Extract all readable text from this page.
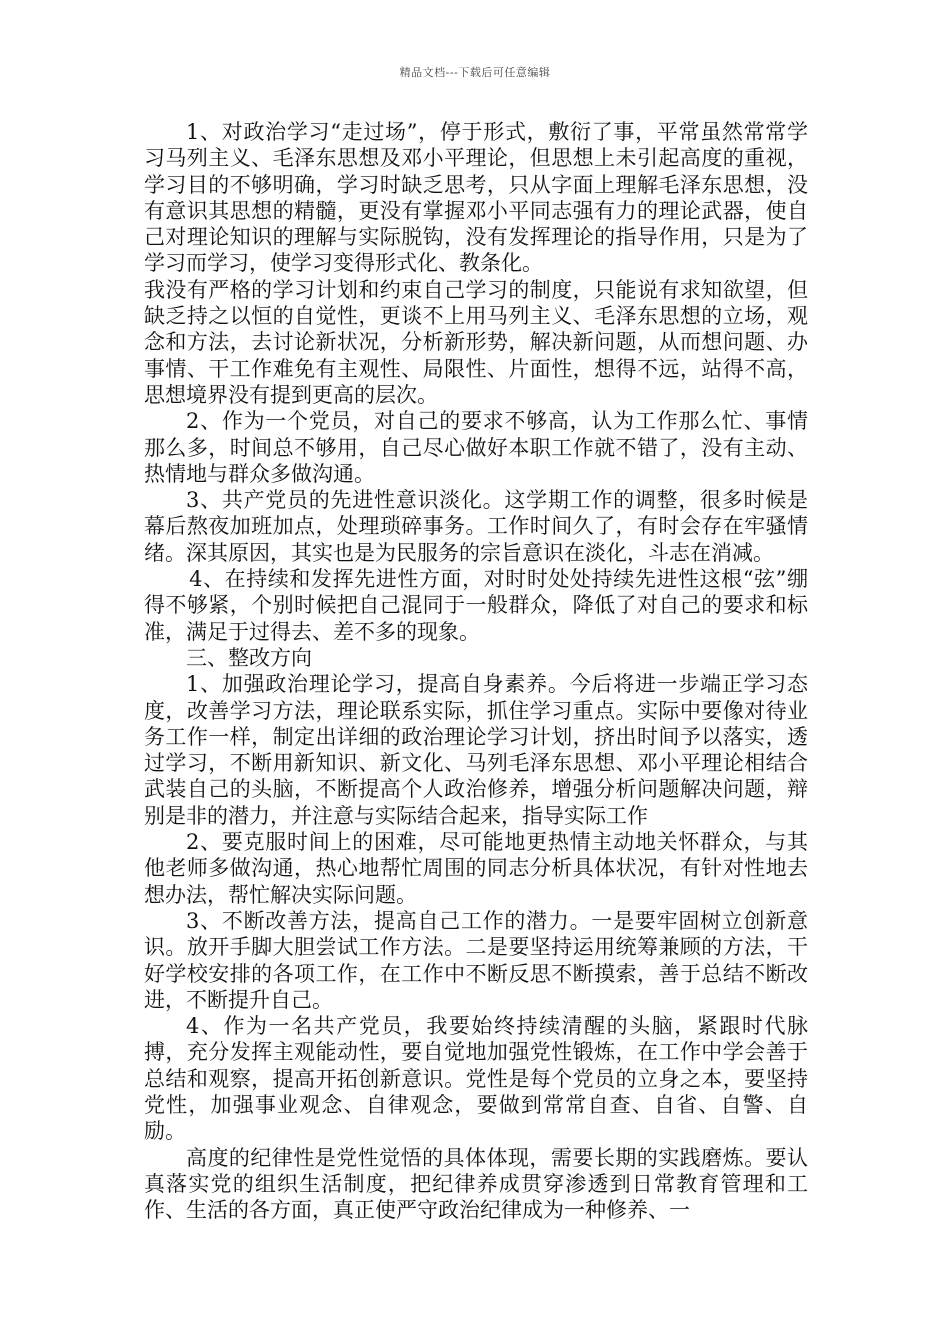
精品文档---下载后可任意编辑

1、对政治学习“走过场”，停于形式，敷衍了事，平常虽然常常学习马列主义、毛泽东思想及邓小平理论，但思想上未引起高度的重视，学习目的不够明确，学习时缺乏思考，只从字面上理解毛泽东思想，没有意识其思想的精髓，更没有掌握邓小平同志强有力的理论武器，使自己对理论知识的理解与实际脱钩，没有发挥理论的指导作用，只是为了学习而学习，使学习变得形式化、教条化。

我没有严格的学习计划和约束自己学习的制度，只能说有求知欲望，但缺乏持之以恒的自觉性，更谈不上用马列主义、毛泽东思想的立场，观念和方法，去讨论新状况，分析新形势，解决新问题，从而想问题、办事情、干工作难免有主观性、局限性、片面性，想得不远，站得不高，思想境界没有提到更高的层次。

2、作为一个党员，对自己的要求不够高，认为工作那么忙、事情那么多，时间总不够用，自己尽心做好本职工作就不错了，没有主动、热情地与群众多做沟通。

3、共产党员的先进性意识淡化。这学期工作的调整，很多时候是幕后熬夜加班加点，处理琐碎事务。工作时间久了，有时会存在牢骚情绪。深其原因，其实也是为民服务的宗旨意识在淡化，斗志在消减。

4、在持续和发挥先进性方面，对时时处处持续先进性这根“弦”绷得不够紧，个别时候把自己混同于一般群众，降低了对自己的要求和标准，满足于过得去、差不多的现象。

三、整改方向

1、加强政治理论学习，提高自身素养。今后将进一步端正学习态度，改善学习方法，理论联系实际，抓住学习重点。实际中要像对待业务工作一样，制定出详细的政治理论学习计划，挤出时间予以落实，透过学习，不断用新知识、新文化、马列毛泽东思想、邓小平理论相结合武装自己的头脑，不断提高个人政治修养，增强分析问题解决问题，辩别是非的潜力，并注意与实际结合起来，指导实际工作

2、要克服时间上的困难，尽可能地更热情主动地关怀群众，与其他老师多做沟通，热心地帮忙周围的同志分析具体状况，有针对性地去想办法，帮忙解决实际问题。

3、不断改善方法，提高自己工作的潜力。一是要牢固树立创新意识。放开手脚大胆尝试工作方法。二是要坚持运用统筹兼顾的方法，干好学校安排的各项工作，在工作中不断反思不断摸索，善于总结不断改进，不断提升自己。

4、作为一名共产党员，我要始终持续清醒的头脑，紧跟时代脉搏，充分发挥主观能动性，要自觉地加强党性锻炼，在工作中学会善于总结和观察，提高开拓创新意识。党性是每个党员的立身之本，要坚持党性，加强事业观念、自律观念，要做到常常自查、自省、自警、自励。

高度的纪律性是党性觉悟的具体体现，需要长期的实践磨炼。要认真落实党的组织生活制度，把纪律养成贯穿渗透到日常教育管理和工作、生活的各方面，真正使严守政治纪律成为一种修养、一
